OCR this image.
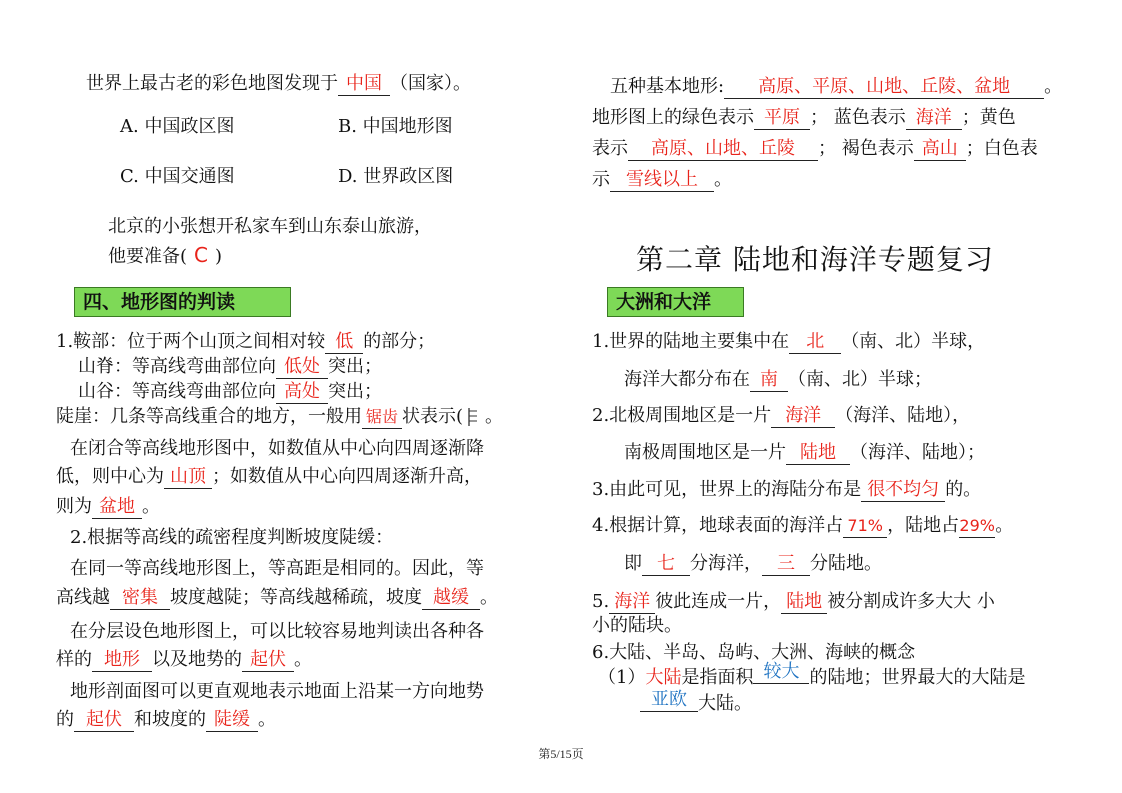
世界上最古老的彩色地图发现于 中国 （国家）。
A. 中国政区图	B. 中国地形图
C. 中国交通图	D. 世界政区图
北京的小张想开私家车到山东泰山旅游，
他要准备( C )
四、地形图的判读
1.鞍部：位于两个山顶之间相对较 低 的部分；
山脊：等高线弯曲部位向 低处 突出；
山谷：等高线弯曲部位向 高处 突出；
陡崖：几条等高线重合的地方，一般用 锯齿 状表示( 。
在闭合等高线地形图中，如数值从中心向四周逐渐降
低，则中心为 山顶 ；如数值从中心向四周逐渐升高，
则为 盆地 。
2.根据等高线的疏密程度判断坡度陡缓：
在同一等高线地形图上，等高距是相同的。因此，等
高线越 密集 坡度越陡；等高线越稀疏，坡度 越缓 。
在分层设色地形图上，可以比较容易地判读出各种各
样的 地形 以及地势的 起伏 。
地形剖面图可以更直观地表示地面上沿某一方向地势
的 起伏 和坡度的 陡缓 。
五种基本地形: 高原、平原、山地、丘陵、盆地 。
地形图上的绿色表示 平原 ； 蓝色表示 海洋 ；黄色
表示 高原、山地、丘陵 ； 褐色表示 高山 ；白色表
示 雪线以上 。
第二章 陆地和海洋专题复习
大洲和大洋
1.世界的陆地主要集中在 北 （南、北）半球，
海洋大都分布在 南 （南、北）半球；
2.北极周围地区是一片 海洋 （海洋、陆地），
南极周围地区是一片 陆地 （海洋、陆地）；
3.由此可见，世界上的海陆分布是 很不均匀 的。
4.根据计算，地球表面的海洋占 71% ，陆地占29%。
即 七 分海洋， 三 分陆地。
5. 海洋 彼此连成一片， 陆地 被分割成许多大大 小
小的陆块。
6.大陆、半岛、岛屿、大洲、海峡的概念
（1）大陆是指面积 较大 的陆地；世界最大的大陆是
亚欧 大陆。
第5/15页
